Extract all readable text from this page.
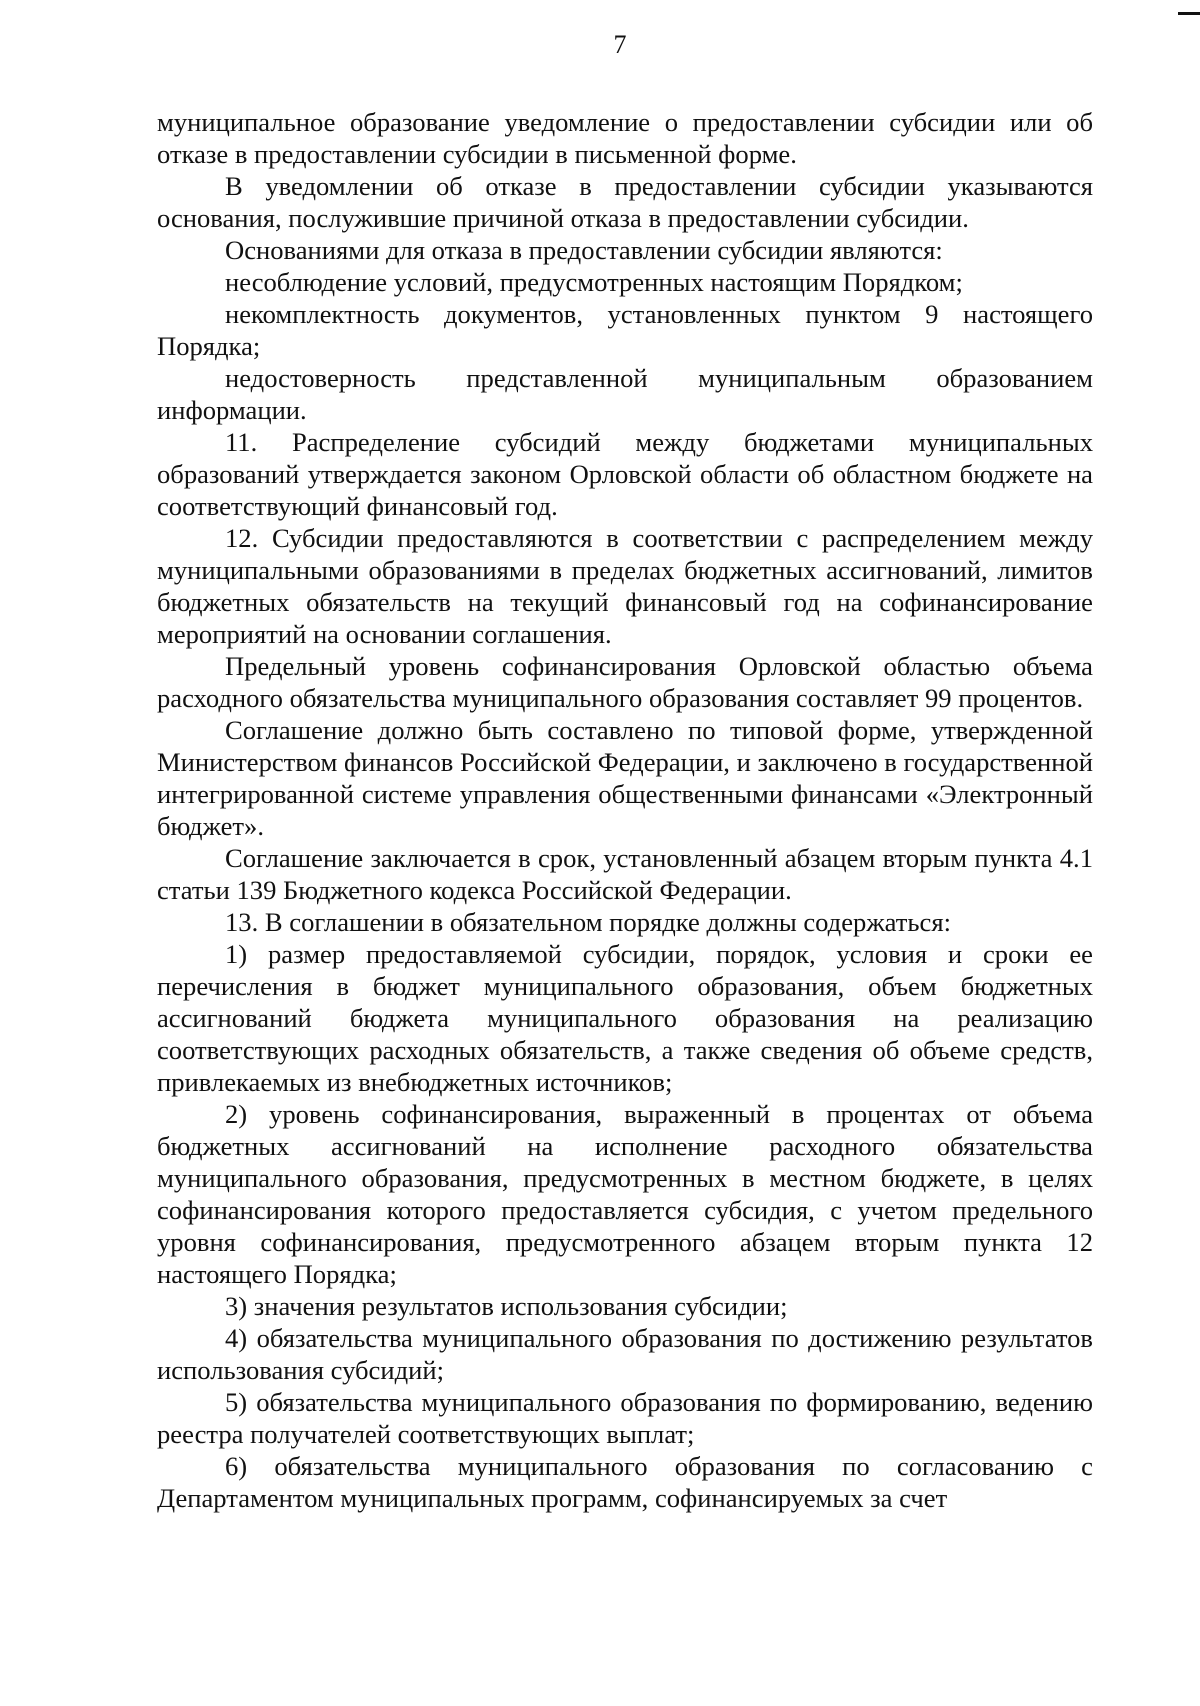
7

муниципальное образование уведомление о предоставлении субсидии или об отказе в предоставлении субсидии в письменной форме.

В уведомлении об отказе в предоставлении субсидии указываются основания, послужившие причиной отказа в предоставлении субсидии.

Основаниями для отказа в предоставлении субсидии являются:

несоблюдение условий, предусмотренных настоящим Порядком;

некомплектность документов, установленных пунктом 9 настоящего Порядка;

недостоверность представленной муниципальным образованием информации.

11. Распределение субсидий между бюджетами муниципальных образований утверждается законом Орловской области об областном бюджете на соответствующий финансовый год.

12. Субсидии предоставляются в соответствии с распределением между муниципальными образованиями в пределах бюджетных ассигнований, лимитов бюджетных обязательств на текущий финансовый год на софинансирование мероприятий на основании соглашения.

Предельный уровень софинансирования Орловской областью объема расходного обязательства муниципального образования составляет 99 процентов.

Соглашение должно быть составлено по типовой форме, утвержденной Министерством финансов Российской Федерации, и заключено в государственной интегрированной системе управления общественными финансами «Электронный бюджет».

Соглашение заключается в срок, установленный абзацем вторым пункта 4.1 статьи 139 Бюджетного кодекса Российской Федерации.

13. В соглашении в обязательном порядке должны содержаться:

1) размер предоставляемой субсидии, порядок, условия и сроки ее перечисления в бюджет муниципального образования, объем бюджетных ассигнований бюджета муниципального образования на реализацию соответствующих расходных обязательств, а также сведения об объеме средств, привлекаемых из внебюджетных источников;

2) уровень софинансирования, выраженный в процентах от объема бюджетных ассигнований на исполнение расходного обязательства муниципального образования, предусмотренных в местном бюджете, в целях софинансирования которого предоставляется субсидия, с учетом предельного уровня софинансирования, предусмотренного абзацем вторым пункта 12 настоящего Порядка;

3) значения результатов использования субсидии;

4) обязательства муниципального образования по достижению результатов использования субсидий;

5) обязательства муниципального образования по формированию, ведению реестра получателей соответствующих выплат;

6) обязательства муниципального образования по согласованию с Департаментом муниципальных программ, софинансируемых за счет
